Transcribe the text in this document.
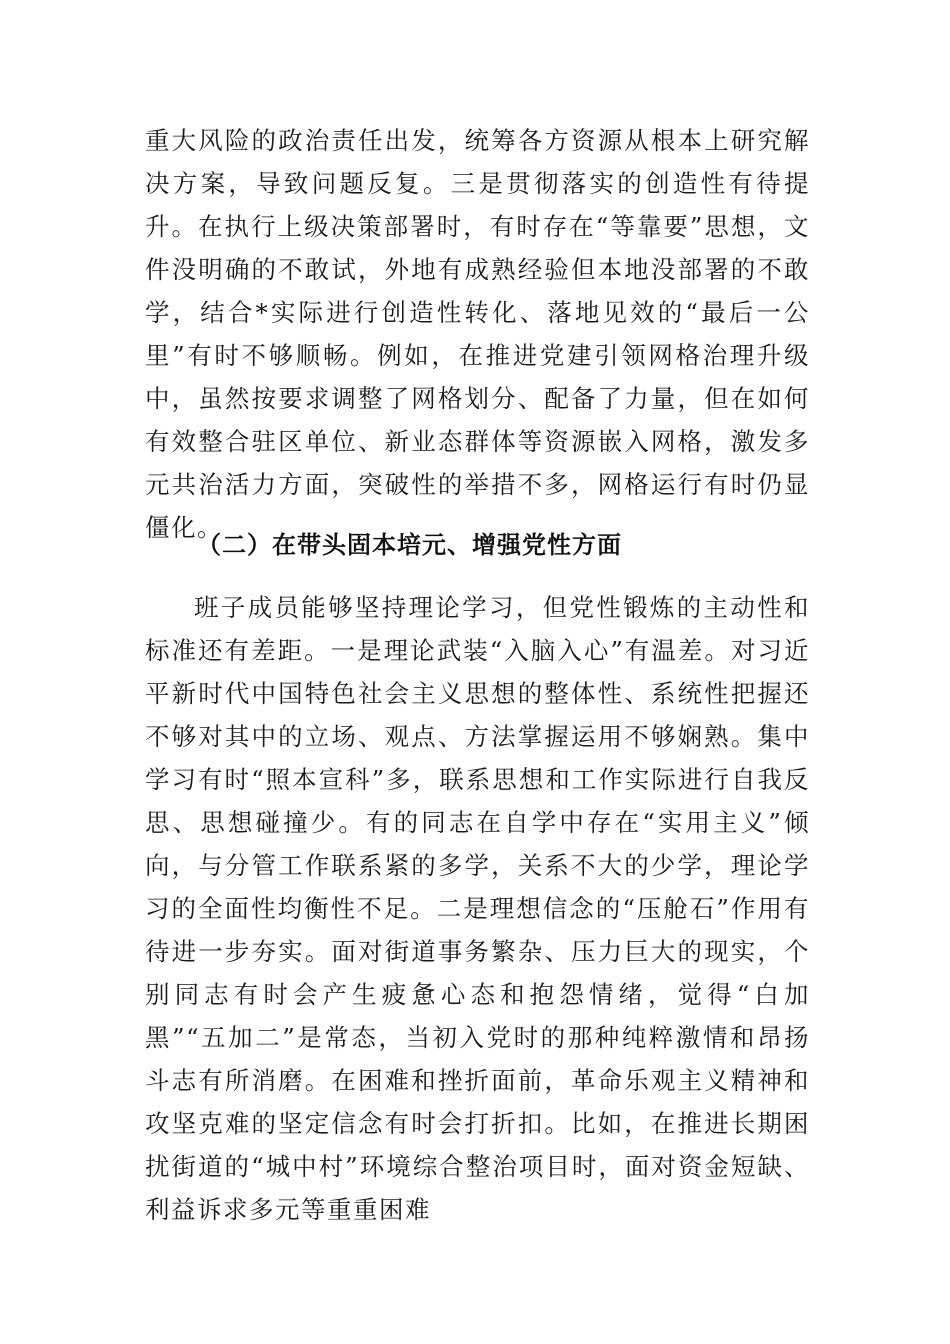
重大风险的政治责任出发，统筹各方资源从根本上研究解决方案，导致问题反复。三是贯彻落实的创造性有待提升。在执行上级决策部署时，有时存在“等靠要”思想，文件没明确的不敢试，外地有成熟经验但本地没部署的不敢学，结合*实际进行创造性转化、落地见效的“最后一公里”有时不够顺畅。例如，在推进党建引领网格治理升级中，虽然按要求调整了网格划分、配备了力量，但在如何有效整合驻区单位、新业态群体等资源嵌入网格，激发多元共治活力方面，突破性的举措不多，网格运行有时仍显僵化。

（二）在带头固本培元、增强党性方面

班子成员能够坚持理论学习，但党性锻炼的主动性和标准还有差距。一是理论武装“入脑入心”有温差。对习近平新时代中国特色社会主义思想的整体性、系统性把握还不够对其中的立场、观点、方法掌握运用不够娴熟。集中学习有时“照本宣科”多，联系思想和工作实际进行自我反思、思想碰撞少。有的同志在自学中存在“实用主义”倾向，与分管工作联系紧的多学，关系不大的少学，理论学习的全面性均衡性不足。二是理想信念的“压舱石”作用有待进一步夯实。面对街道事务繁杂、压力巨大的现实，个别同志有时会产生疲惫心态和抱怨情绪，觉得“白加黑”“五加二”是常态，当初入党时的那种纯粹激情和昂扬斗志有所消磨。在困难和挫折面前，革命乐观主义精神和攻坚克难的坚定信念有时会打折扣。比如，在推进长期困扰街道的“城中村”环境综合整治项目时，面对资金短缺、利益诉求多元等重重困难
